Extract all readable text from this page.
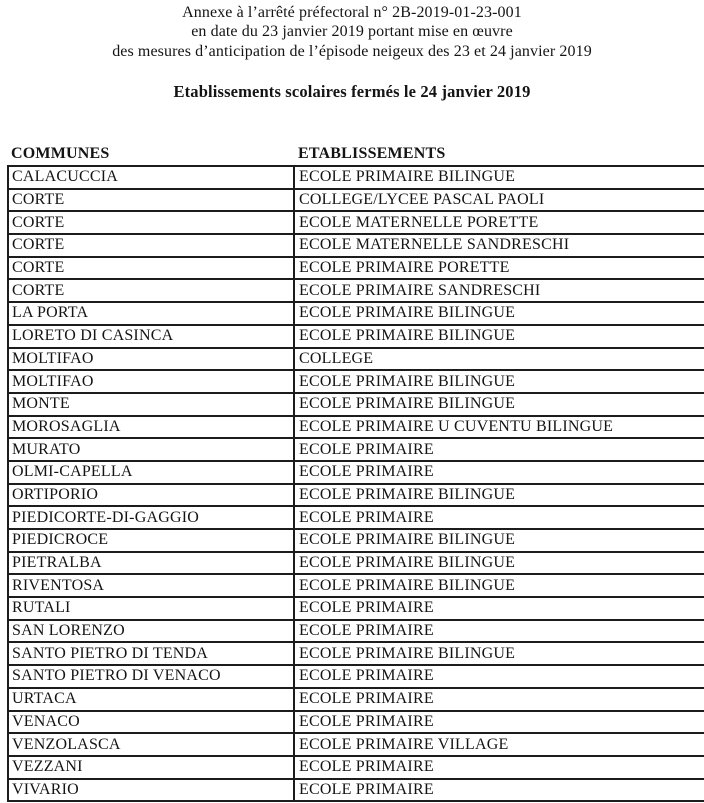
Annexe à l’arrêté préfectoral n° 2B-2019-01-23-001
en date du 23 janvier 2019 portant mise en œuvre
des mesures d’anticipation de l’épisode neigeux des 23 et 24 janvier 2019
Etablissements scolaires fermés le 24 janvier 2019
COMMUNES	ETABLISSEMENTS
CALACUCCIA	ECOLE PRIMAIRE BILINGUE
CORTE	COLLEGE/LYCEE PASCAL PAOLI
CORTE	ECOLE MATERNELLE PORETTE
CORTE	ECOLE MATERNELLE SANDRESCHI
CORTE	ECOLE PRIMAIRE PORETTE
CORTE	ECOLE PRIMAIRE SANDRESCHI
LA PORTA	ECOLE PRIMAIRE BILINGUE
LORETO DI CASINCA	ECOLE PRIMAIRE BILINGUE
MOLTIFAO	COLLEGE
MOLTIFAO	ECOLE PRIMAIRE BILINGUE
MONTE	ECOLE PRIMAIRE BILINGUE
MOROSAGLIA	ECOLE PRIMAIRE U CUVENTU BILINGUE
MURATO	ECOLE PRIMAIRE
OLMI-CAPELLA	ECOLE PRIMAIRE
ORTIPORIO	ECOLE PRIMAIRE BILINGUE
PIEDICORTE-DI-GAGGIO	ECOLE PRIMAIRE
PIEDICROCE	ECOLE PRIMAIRE BILINGUE
PIETRALBA	ECOLE PRIMAIRE BILINGUE
RIVENTOSA	ECOLE PRIMAIRE BILINGUE
RUTALI	ECOLE PRIMAIRE
SAN LORENZO	ECOLE PRIMAIRE
SANTO PIETRO DI TENDA	ECOLE PRIMAIRE BILINGUE
SANTO PIETRO DI VENACO	ECOLE PRIMAIRE
URTACA	ECOLE PRIMAIRE
VENACO	ECOLE PRIMAIRE
VENZOLASCA	ECOLE PRIMAIRE VILLAGE
VEZZANI	ECOLE PRIMAIRE
VIVARIO	ECOLE PRIMAIRE
